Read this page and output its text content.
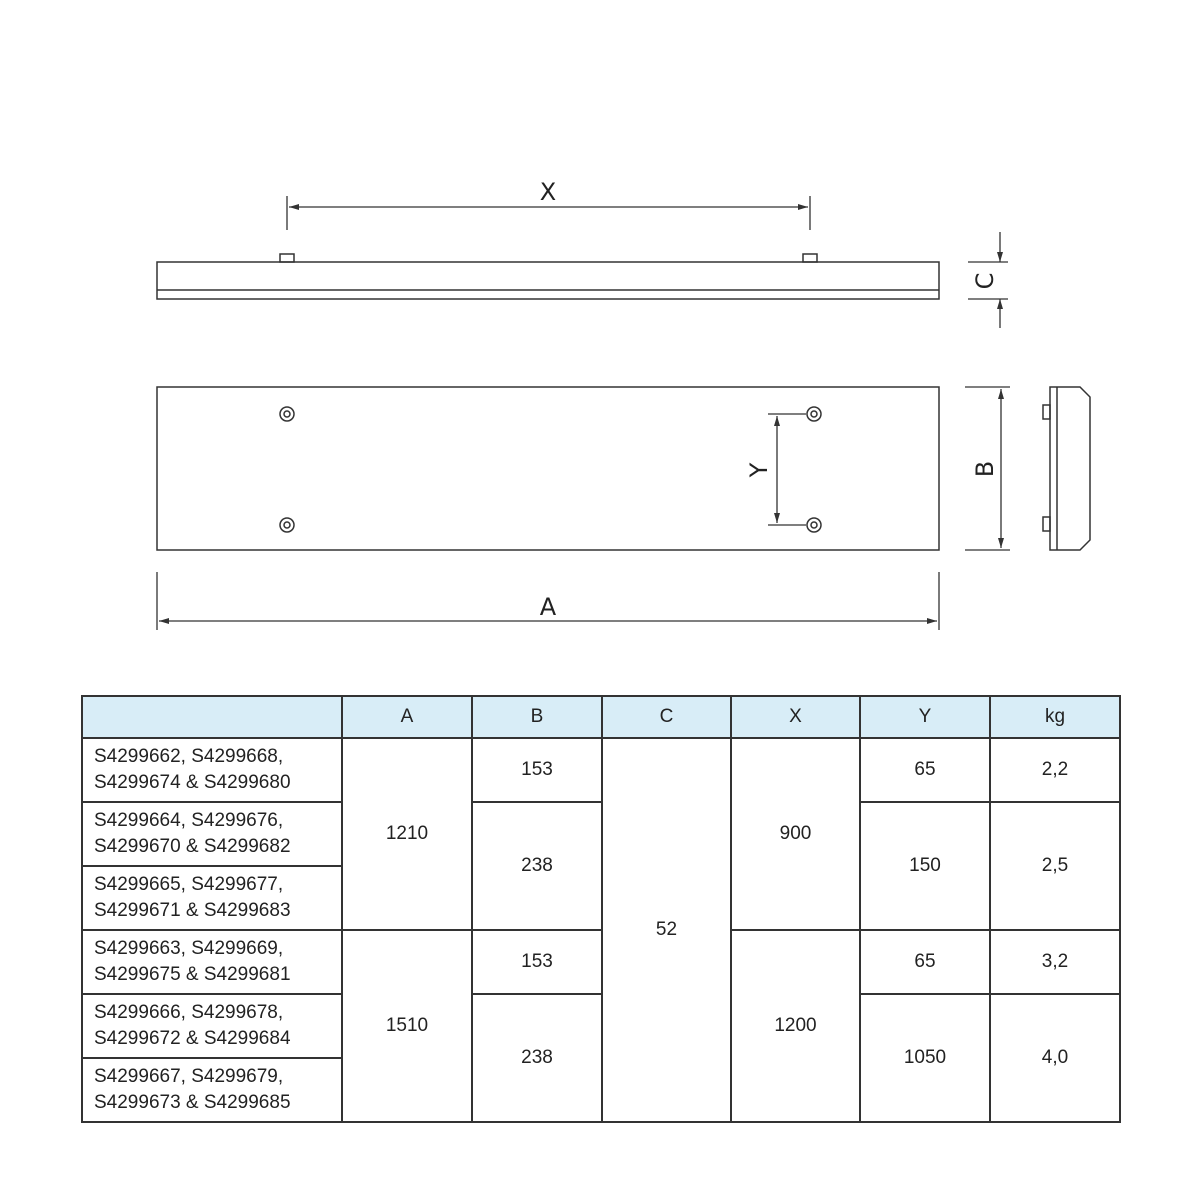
X
C
Y	B
A
	A	B	C	X	Y	kg

S4299662, S4299668,
S4299674 & S4299680	1210	153	52	900	65	2,2

S4299664, S4299676,
S4299670 & S4299682		238			150	2,5

S4299665, S4299677,
S4299671 & S4299683						

S4299663, S4299669,
S4299675 & S4299681	1510	153		1200	65	3,2

S4299666, S4299678,
S4299672 & S4299684		238			1050	4,0

S4299667, S4299679,
S4299673 & S4299685						
